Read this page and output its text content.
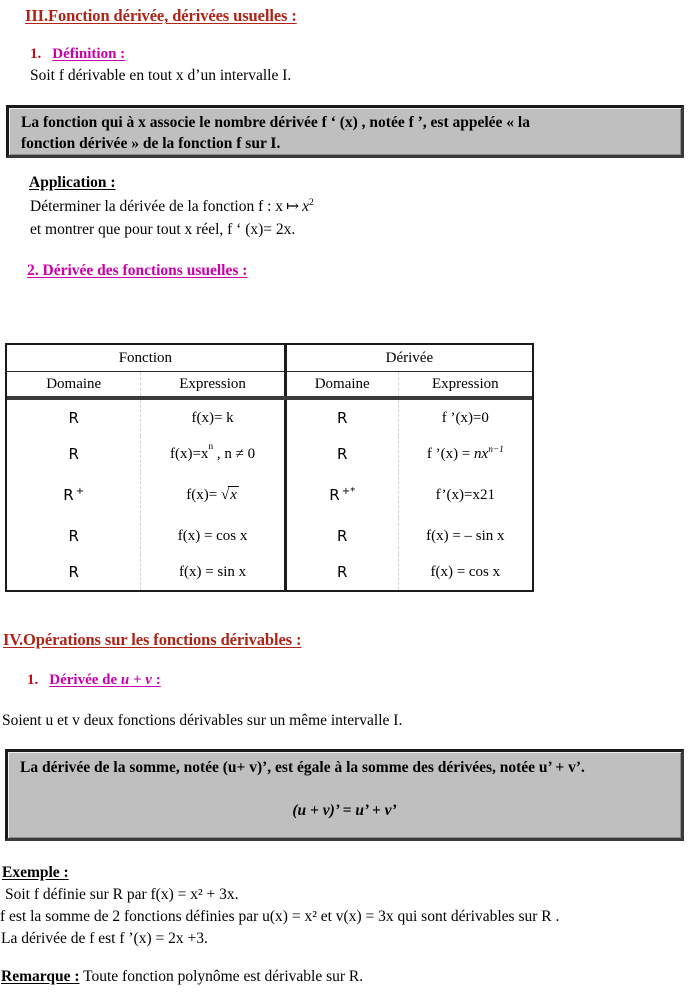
III.Fonction dérivée, dérivées usuelles :
1. Définition :
Soit f dérivable en tout x d’un intervalle I.
La fonction qui à x associe le nombre dérivée f ‘ (x) , notée f ’, est appelée « la
fonction dérivée » de la fonction f sur I.
Application :
Déterminer la dérivée de la fonction f : x ↦ $x^2$
et montrer que pour tout x réel, f ‘ (x)= 2x.
2. Dérivée des fonctions usuelles :
Fonction		Dérivée	
Domaine	Expression	Domaine	Expression

R	f(x)= k	R	f ’(x)=0
R	$f(x)=x^n$ , n ≠ 0	R	f ’(x) = $nx^{n-1}$
R +	f(x)= √x	R +*	f’(x)=x21
R	f(x) = cos x	R	f(x) = – sin x
R	f(x) = sin x	R	f(x) = cos x
IV.Opérations sur les fonctions dérivables :
1. Dérivée de u + v :
Soient u et v deux fonctions dérivables sur un même intervalle I.
La dérivée de la somme, notée (u+ v)’, est égale à la somme des dérivées, notée u’ + v’.
(u + v)’ = u’ + v’
Exemple :
Soit f définie sur R par f(x) = x² + 3x.
f est la somme de 2 fonctions définies par u(x) = x² et v(x) = 3x qui sont dérivables sur R .
La dérivée de f est f ’(x) = 2x +3.
Remarque : Toute fonction polynôme est dérivable sur R.
